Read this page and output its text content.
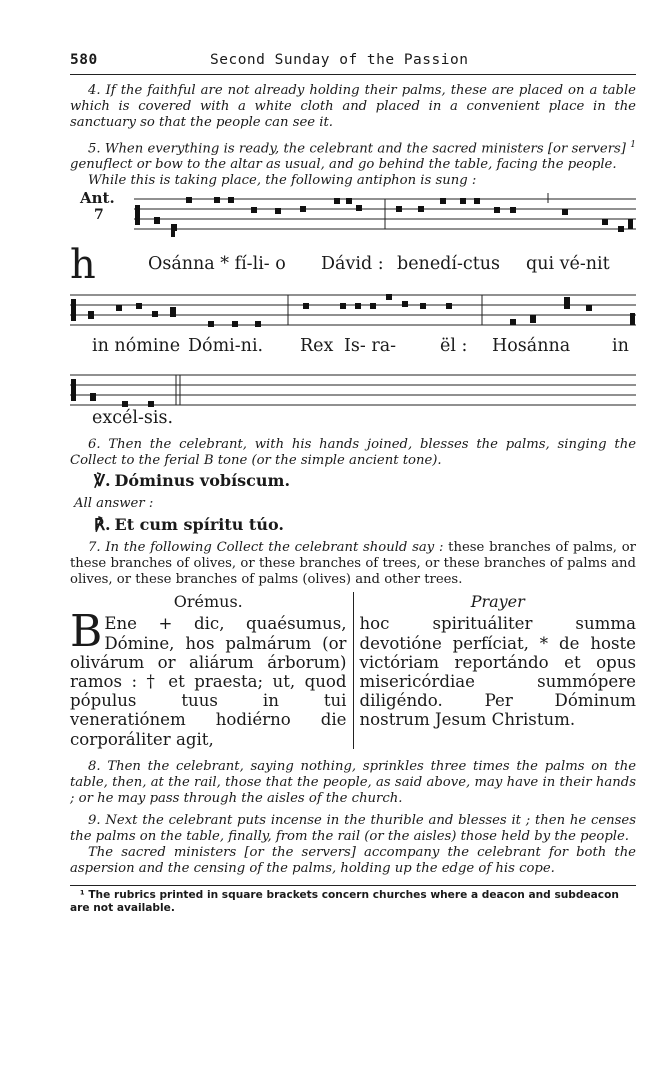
580	Second Sunday of the Passion

4. If the faithful are not already holding their palms, these are placed on a table which is covered with a white cloth and placed in a convenient place in the sanctuary so that the people can see it.

5. When everything is ready, the celebrant and the sacred ministers [or servers] $^1$ genuflect or bow to the altar as usual, and go behind the table, facing the people.

While this is taking place, the following antiphon is sung :

Ant.
7
h	Osánna * fí-li- o Dávid : benedí-ctus qui vé-nit
in nómine Dómi-ni. Rex Is- ra-	ël : Hosánna in
excél-sis.

6. Then the celebrant, with his hands joined, blesses the palms, singing the Collect to the ferial B tone (or the simple ancient tone).

℣. Dóminus vobíscum.
All answer :
℟. Et cum spíritu túo.

7. In the following Collect the celebrant should say : these branches of palms, or these branches of olives, or these branches of trees, or these branches of palms and olives, or these branches of palms (olives) and other trees.

Orémus.
B Ene + dic, quaésumus, Dómine, hos palmárum (or olivárum or aliárum árborum) ramos : † et praesta; ut, quod pópulus tuus in tui veneratiónem hodiérno die corporáliter agit,
Prayer
hoc spirituáliter summa devotióne perfíciat, * de hoste victóriam reportándo et opus misericórdiae summópere diligéndo. Per Dóminum nostrum Jesum Christum.

8. Then the celebrant, saying nothing, sprinkles three times the palms on the table, then, at the rail, those that the people, as said above, may have in their hands ; or he may pass through the aisles of the church.

9. Next the celebrant puts incense in the thurible and blesses it ; then he censes the palms on the table, finally, from the rail (or the aisles) those held by the people.

The sacred ministers [or the servers] accompany the celebrant for both the aspersion and the censing of the palms, holding up the edge of his cope.

¹ The rubrics printed in square brackets concern churches where a deacon and subdeacon are not available.
